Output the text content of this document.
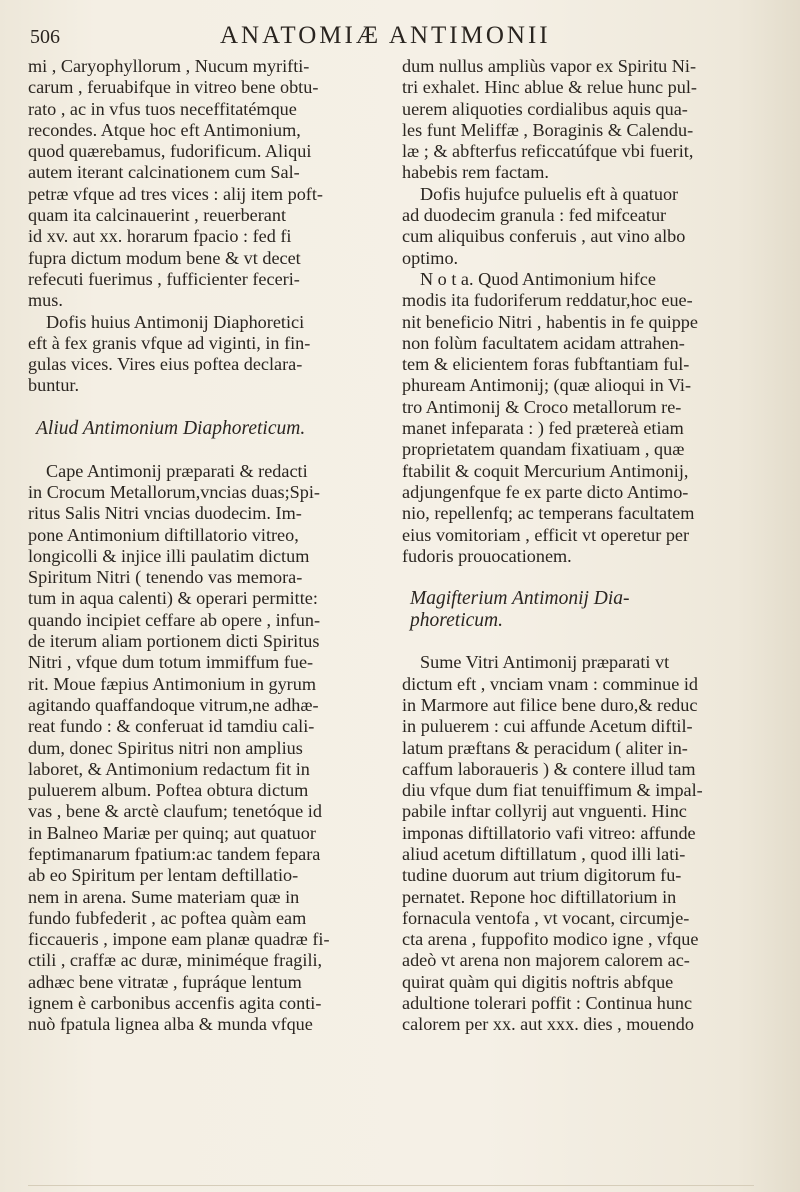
506	ANATOMIÆ ANTIMONII
mi , Caryophyllorum , Nucum myrifti-
carum , feruabifque in vitreo bene obtu-
rato , ac in vfus tuos neceffitatémque
recondes. Atque hoc eft Antimonium,
quod quærebamus, fudorificum. Aliqui
autem iterant calcinationem cum Sal-
petræ vfque ad tres vices : alij item poft-
quam ita calcinauerint , reuerberant
id xv. aut xx. horarum fpacio : fed fi
fupra dictum modum bene & vt decet
refecuti fuerimus , fufficienter feceri-
mus.
Dofis huius Antimonij Diaphoretici
eft à fex granis vfque ad viginti, in fin-
gulas vices. Vires eius poftea declara-
buntur.
Aliud Antimonium Diaphoreticum.
Cape Antimonij præparati & redacti
in Crocum Metallorum,vncias duas;Spi-
ritus Salis Nitri vncias duodecim. Im-
pone Antimonium diftillatorio vitreo,
longicolli & injice illi paulatim dictum
Spiritum Nitri ( tenendo vas memora-
tum in aqua calenti) & operari permitte:
quando incipiet ceffare ab opere , infun-
de iterum aliam portionem dicti Spiritus
Nitri , vfque dum totum immiffum fue-
rit. Moue fæpius Antimonium in gyrum
agitando quaffandoque vitrum,ne adhæ-
reat fundo : & conferuat id tamdiu cali-
dum, donec Spiritus nitri non amplius
laboret, & Antimonium redactum fit in
puluerem album. Poftea obtura dictum
vas , bene & arctè claufum; tenetóque id
in Balneo Mariæ per quinq; aut quatuor
feptimanarum fpatium:ac tandem fepara
ab eo Spiritum per lentam deftillatio-
nem in arena. Sume materiam quæ in
fundo fubfederit , ac poftea quàm eam
ficcaueris , impone eam planæ quadræ fi-
ctili , craffæ ac duræ, miniméque fragili,
adhæc bene vitratæ , fupráque lentum
ignem è carbonibus accenfis agita conti-
nuò fpatula lignea alba & munda vfque
dum nullus ampliùs vapor ex Spiritu Ni-
tri exhalet. Hinc ablue & relue hunc pul-
uerem aliquoties cordialibus aquis qua-
les funt Meliffæ , Boraginis & Calendu-
læ ; & abfterfus reficcatúfque vbi fuerit,
habebis rem factam.
Dofis hujufce puluelis eft à quatuor
ad duodecim granula : fed mifceatur
cum aliquibus conferuis , aut vino albo
optimo.
N o t a. Quod Antimonium hifce
modis ita fudoriferum reddatur,hoc eue-
nit beneficio Nitri , habentis in fe quippe
non folùm facultatem acidam attrahen-
tem & elicientem foras fubftantiam ful-
phuream Antimonij; (quæ alioqui in Vi-
tro Antimonij & Croco metallorum re-
manet infeparata : ) fed prætereà etiam
proprietatem quandam fixatiuam , quæ
ftabilit & coquit Mercurium Antimonij,
adjungenfque fe ex parte dicto Antimo-
nio, repellenfq; ac temperans facultatem
eius vomitoriam , efficit vt operetur per
fudoris prouocationem.
Magifterium Antimonij Dia-
phoreticum.
Sume Vitri Antimonij præparati vt
dictum eft , vnciam vnam : comminue id
in Marmore aut filice bene duro,& reduc
in puluerem : cui affunde Acetum diftil-
latum præftans & peracidum ( aliter in-
caffum laboraueris ) & contere illud tam
diu vfque dum fiat tenuiffimum & impal-
pabile inftar collyrij aut vnguenti. Hinc
imponas diftillatorio vafi vitreo: affunde
aliud acetum diftillatum , quod illi lati-
tudine duorum aut trium digitorum fu-
pernatet. Repone hoc diftillatorium in
fornacula ventofa , vt vocant, circumje-
cta arena , fuppofito modico igne , vfque
adeò vt arena non majorem calorem ac-
quirat quàm qui digitis noftris abfque
adultione tolerari poffit : Continua hunc
calorem per xx. aut xxx. dies , mouendo
